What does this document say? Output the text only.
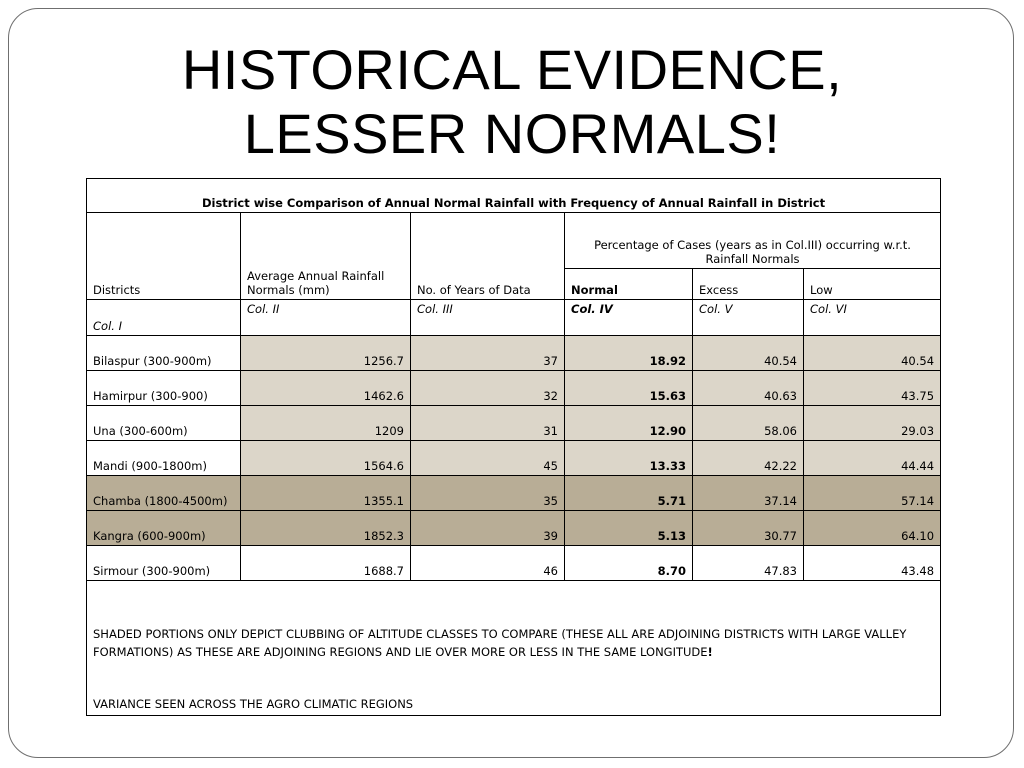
HISTORICAL EVIDENCE,
LESSER NORMALS!
District wise Comparison of Annual Normal Rainfall with Frequency of Annual Rainfall in District					
Districts	Average Annual Rainfall Normals (mm)	No. of Years of Data	Percentage of Cases (years as in Col.III) occurring w.r.t. Rainfall Normals		
			Normal	Excess	Low
Col. I	Col. II	Col. III	Col. IV	Col. V	Col. VI
Bilaspur (300-900m)	1256.7	37	18.92	40.54	40.54
Hamirpur (300-900)	1462.6	32	15.63	40.63	43.75
Una (300-600m)	1209	31	12.90	58.06	29.03
Mandi (900-1800m)	1564.6	45	13.33	42.22	44.44
Chamba (1800-4500m)	1355.1	35	5.71	37.14	57.14
Kangra (600-900m)	1852.3	39	5.13	30.77	64.10
Sirmour (300-900m)	1688.7	46	8.70	47.83	43.48

SHADED PORTIONS ONLY DEPICT CLUBBING OF ALTITUDE CLASSES TO COMPARE (THESE ALL ARE ADJOINING DISTRICTS WITH LARGE VALLEY FORMATIONS) AS THESE ARE ADJOINING REGIONS AND LIE OVER MORE OR LESS IN THE SAME LONGITUDE!

VARIANCE SEEN ACROSS THE AGRO CLIMATIC REGIONS					
